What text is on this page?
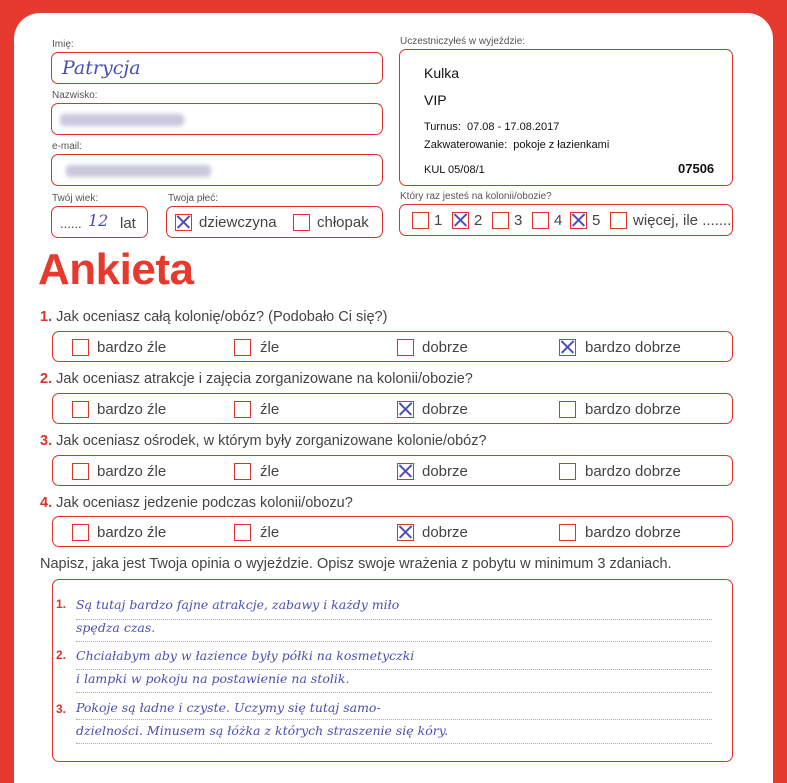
Imię:
Patrycja
Nazwisko:
e-mail:
Twój wiek:
...... 12 lat
Twoja płeć:
dziewczyna	chłopak
Uczestniczyłeś w wyjeździe:
Kulka
VIP
Turnus: 07.08 - 17.08.2017
Zakwaterowanie: pokoje z łazienkami
KUL 05/08/1	07506
Który raz jesteś na kolonii/obozie?
1 2 3 4 5 więcej, ile .......
Ankieta
1. Jak oceniasz całą kolonię/obóz? (Podobało Ci się?)
bardzo źle	źle	dobrze	bardzo dobrze
2. Jak oceniasz atrakcje i zajęcia zorganizowane na kolonii/obozie?
bardzo źle	źle	dobrze	bardzo dobrze
3. Jak oceniasz ośrodek, w którym były zorganizowane kolonie/obóz?
bardzo źle	źle	dobrze	bardzo dobrze
4. Jak oceniasz jedzenie podczas kolonii/obozu?
bardzo źle	źle	dobrze	bardzo dobrze
Napisz, jaka jest Twoja opinia o wyjeździe. Opisz swoje wrażenia z pobytu w minimum 3 zdaniach.
1. Są tutaj bardzo fajne atrakcje, zabawy i każdy miło
spędza czas.
2. Chciałabym aby w łazience były półki na kosmetyczki
i lampki w pokoju na postawienie na stolik.
3. Pokoje są ładne i czyste. Uczymy się tutaj samo-
dzielności. Minusem są łóżka z których straszenie się kóry.
